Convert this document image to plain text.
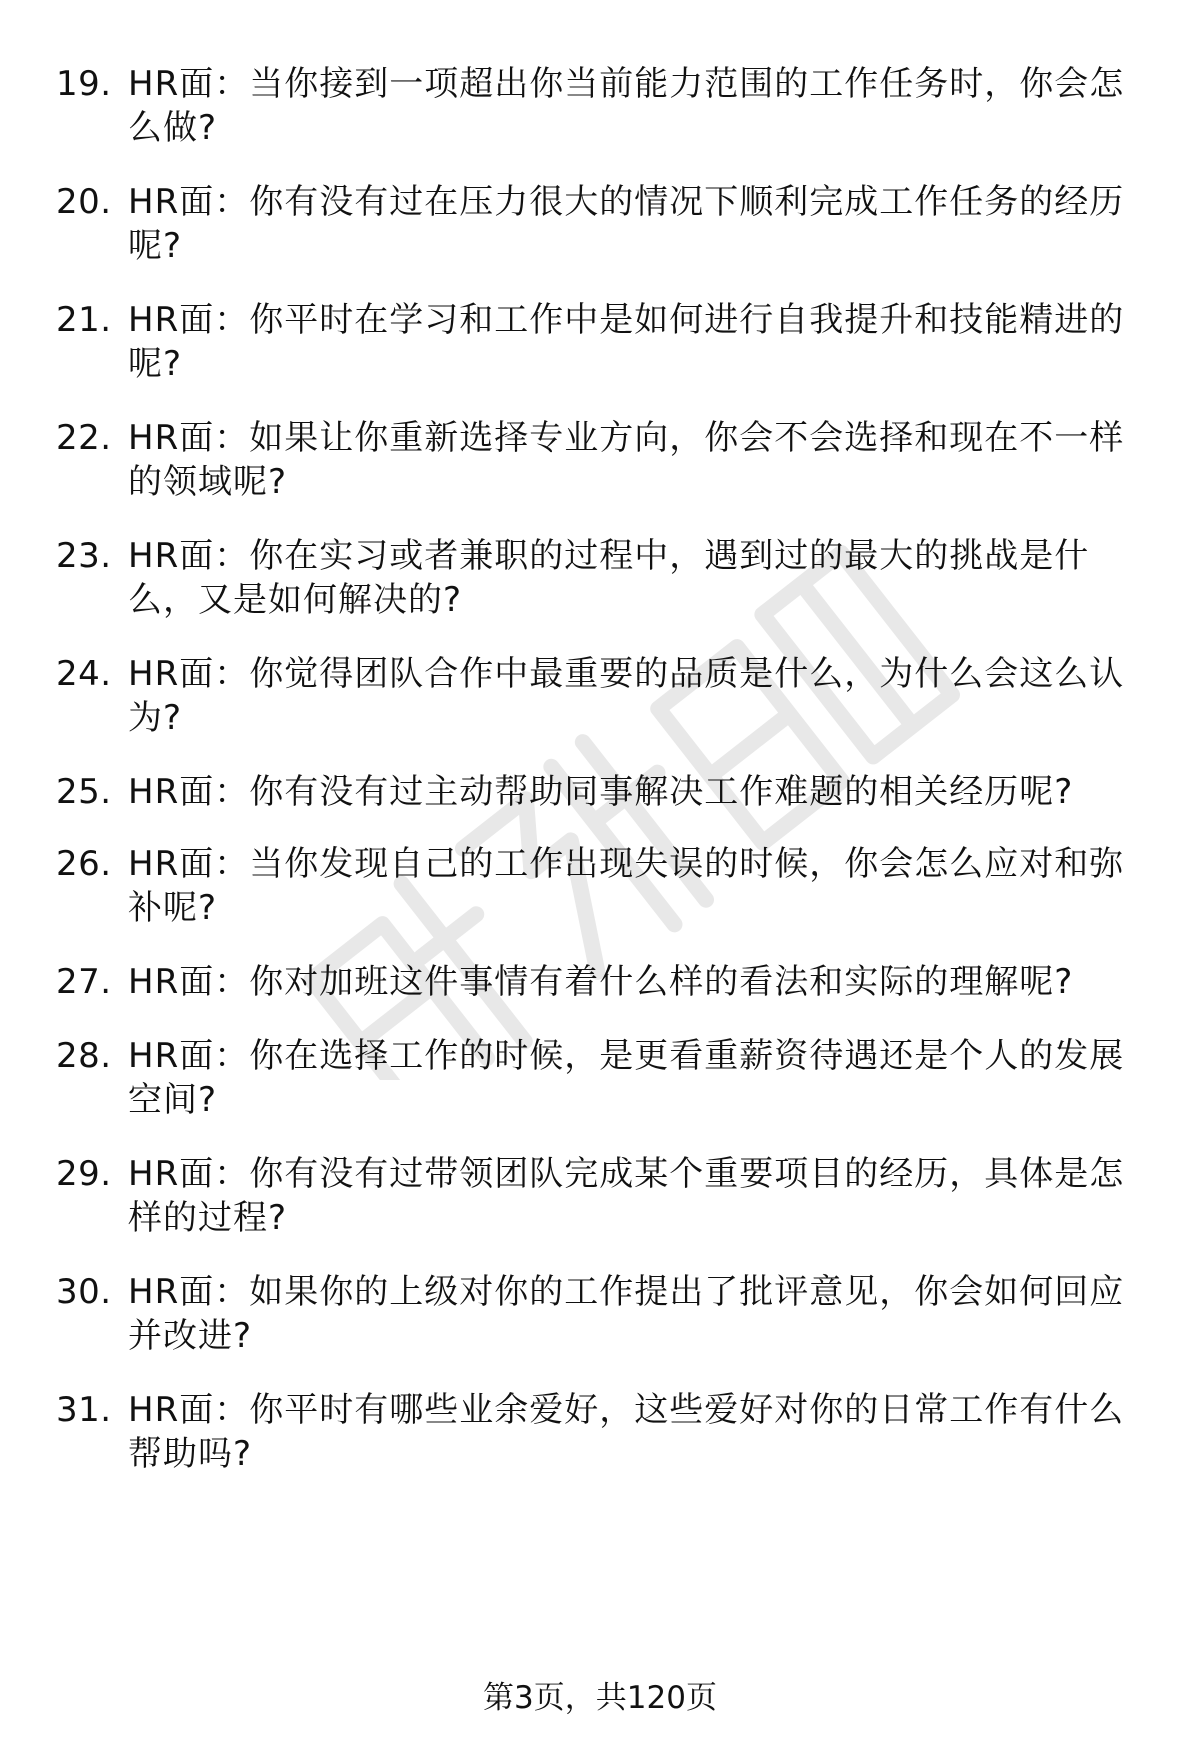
19. HR面：当你接到一项超出你当前能力范围的工作任务时，你会怎么做?
20. HR面：你有没有过在压力很大的情况下顺利完成工作任务的经历呢?
21. HR面：你平时在学习和工作中是如何进行自我提升和技能精进的呢?
22. HR面：如果让你重新选择专业方向，你会不会选择和现在不一样的领域呢?
23. HR面：你在实习或者兼职的过程中，遇到过的最大的挑战是什么，又是如何解决的?
24. HR面：你觉得团队合作中最重要的品质是什么，为什么会这么认为?
25. HR面：你有没有过主动帮助同事解决工作难题的相关经历呢?
26. HR面：当你发现自己的工作出现失误的时候，你会怎么应对和弥补呢?
27. HR面：你对加班这件事情有着什么样的看法和实际的理解呢?
28. HR面：你在选择工作的时候，是更看重薪资待遇还是个人的发展空间?
29. HR面：你有没有过带领团队完成某个重要项目的经历，具体是怎样的过程?
30. HR面：如果你的上级对你的工作提出了批评意见，你会如何回应并改进?
31. HR面：你平时有哪些业余爱好，这些爱好对你的日常工作有什么帮助吗?
第3页，共120页
